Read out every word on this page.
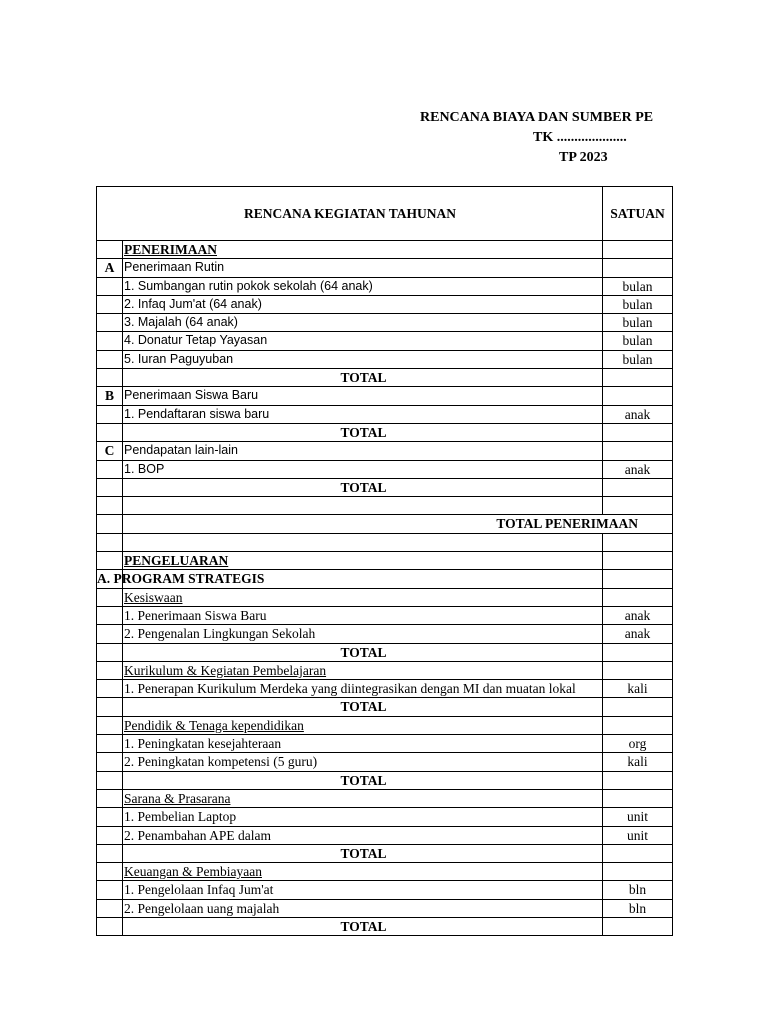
RENCANA BIAYA DAN SUMBER PE
TK ....................
TP 2023
RENCANA KEGIATAN TAHUNAN	SATUAN
PENERIMAAN
A Penerimaan Rutin
1. Sumbangan rutin pokok sekolah (64 anak)	bulan
2. Infaq Jum'at (64 anak)	bulan
3. Majalah (64 anak)	bulan
4. Donatur Tetap Yayasan	bulan
5. Iuran Paguyuban	bulan
TOTAL
B Penerimaan Siswa Baru
1. Pendaftaran siswa baru	anak
TOTAL
C Pendapatan lain-lain
1. BOP	anak
TOTAL
TOTAL PENERIMAAN
PENGELUARAN
A. PROGRAM STRATEGIS
Kesiswaan
1. Penerimaan Siswa Baru	anak
2. Pengenalan Lingkungan Sekolah	anak
TOTAL
Kurikulum & Kegiatan Pembelajaran
1. Penerapan Kurikulum Merdeka yang diintegrasikan dengan MI dan muatan lokal	kali
TOTAL
Pendidik & Tenaga kependidikan
1. Peningkatan kesejahteraan	org
2. Peningkatan kompetensi (5 guru)	kali
TOTAL
Sarana & Prasarana
1. Pembelian Laptop	unit
2. Penambahan APE dalam	unit
TOTAL
Keuangan & Pembiayaan
1. Pengelolaan Infaq Jum'at	bln
2. Pengelolaan uang majalah	bln
TOTAL
